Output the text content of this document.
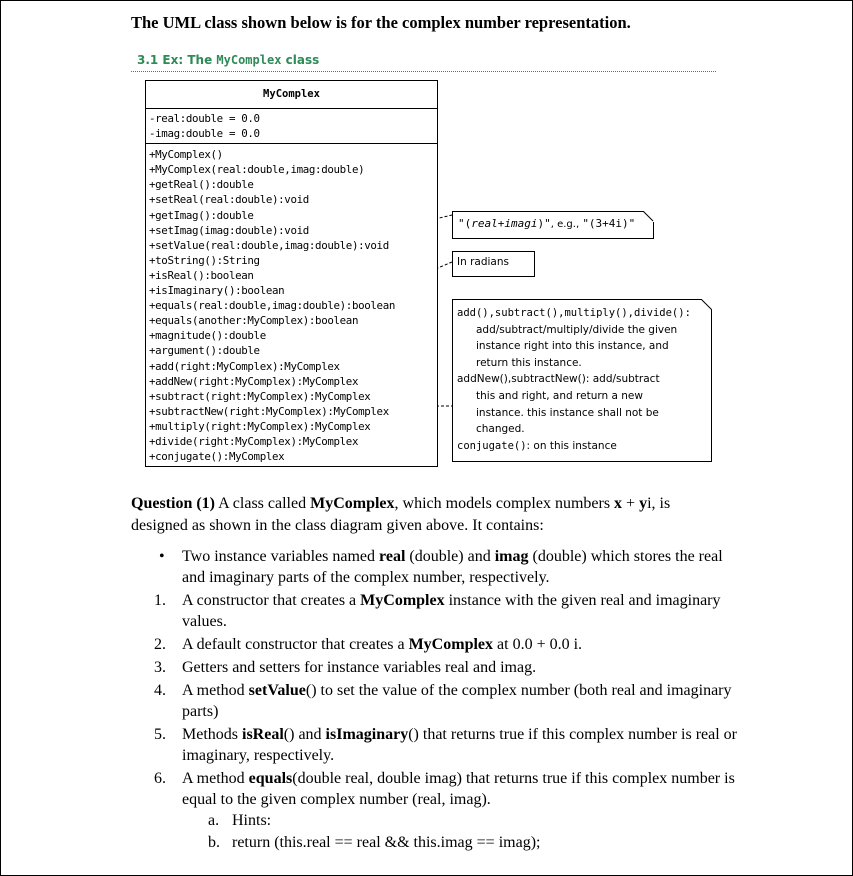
The UML class shown below is for the complex number representation.
3.1 Ex: The MyComplex class
MyComplex
-real:double = 0.0
-imag:double = 0.0
+MyComplex()
+MyComplex(real:double,imag:double)
+getReal():double
+setReal(real:double):void
+getImag():double
+setImag(imag:double):void
+setValue(real:double,imag:double):void
+toString():String
+isReal():boolean
+isImaginary():boolean
+equals(real:double,imag:double):boolean
+equals(another:MyComplex):boolean
+magnitude():double
+argument():double
+add(right:MyComplex):MyComplex
+addNew(right:MyComplex):MyComplex
+subtract(right:MyComplex):MyComplex
+subtractNew(right:MyComplex):MyComplex
+multiply(right:MyComplex):MyComplex
+divide(right:MyComplex):MyComplex
+conjugate():MyComplex
"(real+imagi)", e.g., "(3+4i)"
In radians
add(),subtract(),multiply(),divide():
add/subtract/multiply/divide the given
instance right into this instance, and
return this instance.
addNew(),subtractNew(): add/subtract
this and right, and return a new
instance. this instance shall not be
changed.
conjugate(): on this instance
Question (1) A class called MyComplex, which models complex numbers x + yi, is designed as shown in the class diagram given above. It contains:
• Two instance variables named real (double) and imag (double) which stores the real and imaginary parts of the complex number, respectively.
1. A constructor that creates a MyComplex instance with the given real and imaginary values.
2. A default constructor that creates a MyComplex at 0.0 + 0.0 i.
3. Getters and setters for instance variables real and imag.
4. A method setValue() to set the value of the complex number (both real and imaginary parts)
5. Methods isReal() and isImaginary() that returns true if this complex number is real or imaginary, respectively.
6. A method equals(double real, double imag) that returns true if this complex number is equal to the given complex number (real, imag).
a. Hints:
b. return (this.real == real && this.imag == imag);
